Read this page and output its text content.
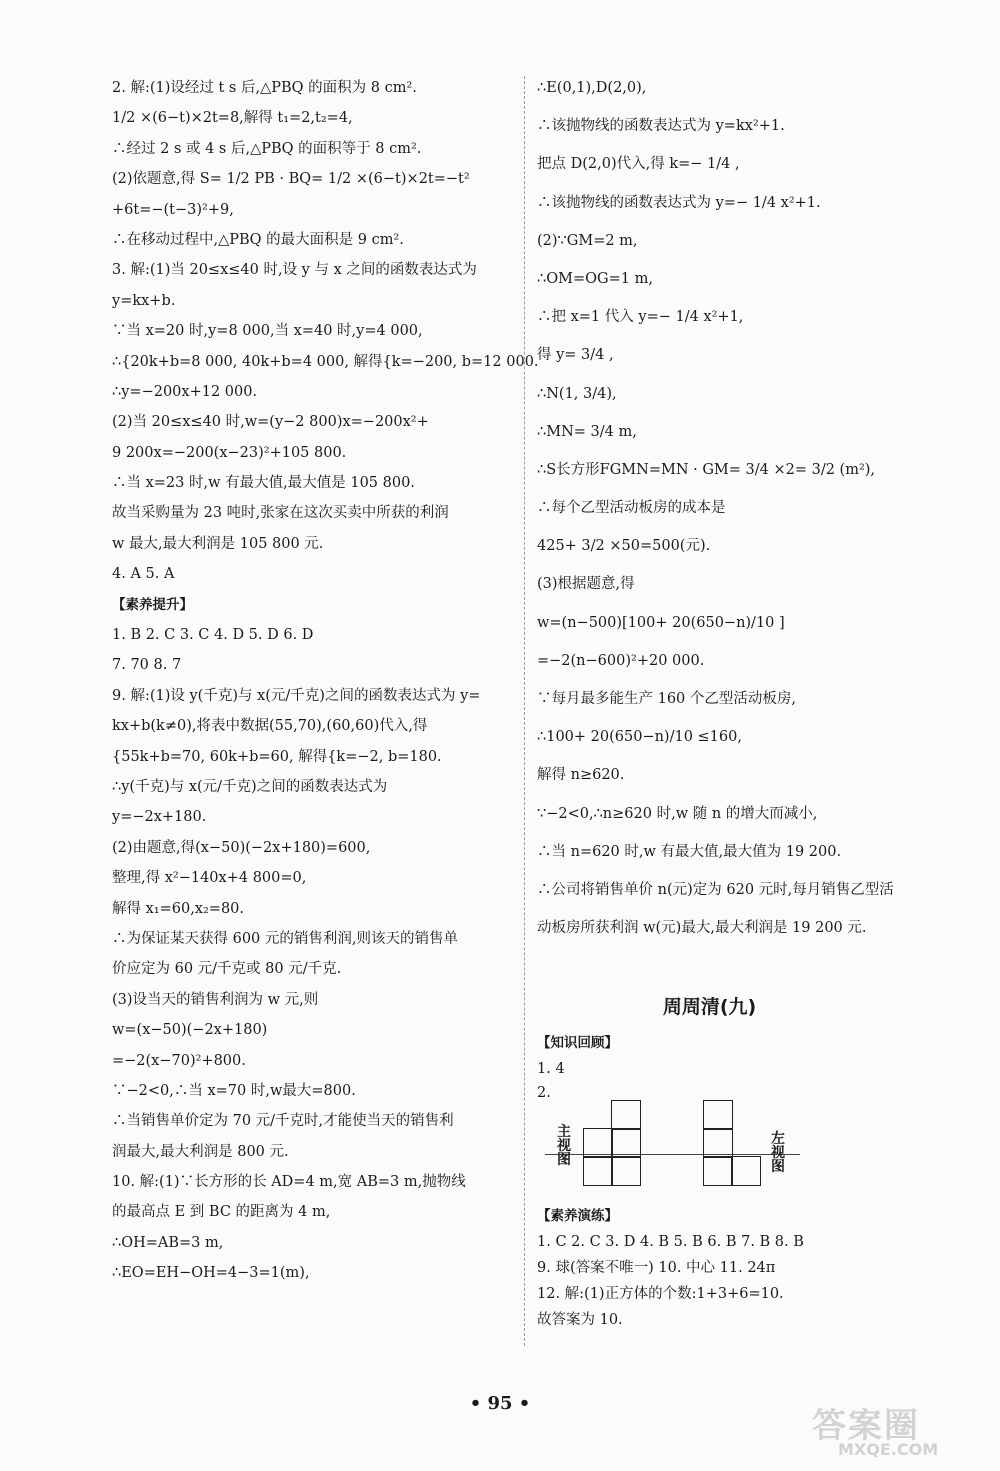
2. 解:(1)设经过 t s 后,△PBQ 的面积为 8 cm².
1/2 ×(6−t)×2t=8,解得 t₁=2,t₂=4,
∴经过 2 s 或 4 s 后,△PBQ 的面积等于 8 cm².
(2)依题意,得 S= 1/2 PB · BQ= 1/2 ×(6−t)×2t=−t²
+6t=−(t−3)²+9,
∴在移动过程中,△PBQ 的最大面积是 9 cm².
3. 解:(1)当 20≤x≤40 时,设 y 与 x 之间的函数表达式为
y=kx+b.
∵当 x=20 时,y=8 000,当 x=40 时,y=4 000,
∴{20k+b=8 000, 40k+b=4 000, 解得{k=−200, b=12 000.
∴y=−200x+12 000.
(2)当 20≤x≤40 时,w=(y−2 800)x=−200x²+
9 200x=−200(x−23)²+105 800.
∴当 x=23 时,w 有最大值,最大值是 105 800.
故当采购量为 23 吨时,张家在这次买卖中所获的利润
w 最大,最大利润是 105 800 元.
4. A 5. A
【素养提升】
1. B 2. C 3. C 4. D 5. D 6. D
7. 70 8. 7
9. 解:(1)设 y(千克)与 x(元/千克)之间的函数表达式为 y=
kx+b(k≠0),将表中数据(55,70),(60,60)代入,得
{55k+b=70, 60k+b=60, 解得{k=−2, b=180.
∴y(千克)与 x(元/千克)之间的函数表达式为
y=−2x+180.
(2)由题意,得(x−50)(−2x+180)=600,
整理,得 x²−140x+4 800=0,
解得 x₁=60,x₂=80.
∴为保证某天获得 600 元的销售利润,则该天的销售单
价应定为 60 元/千克或 80 元/千克.
(3)设当天的销售利润为 w 元,则
w=(x−50)(−2x+180)
=−2(x−70)²+800.
∵−2<0,∴当 x=70 时,w最大=800.
∴当销售单价定为 70 元/千克时,才能使当天的销售利
润最大,最大利润是 800 元.
10. 解:(1)∵长方形的长 AD=4 m,宽 AB=3 m,抛物线
的最高点 E 到 BC 的距离为 4 m,
∴OH=AB=3 m,
∴EO=EH−OH=4−3=1(m),
∴E(0,1),D(2,0),
∴该抛物线的函数表达式为 y=kx²+1.
把点 D(2,0)代入,得 k=− 1/4 ,
∴该抛物线的函数表达式为 y=− 1/4 x²+1.
(2)∵GM=2 m,
∴OM=OG=1 m,
∴把 x=1 代入 y=− 1/4 x²+1,
得 y= 3/4 ,
∴N(1, 3/4),
∴MN= 3/4 m,
∴S长方形FGMN=MN · GM= 3/4 ×2= 3/2 (m²),
∴每个乙型活动板房的成本是
425+ 3/2 ×50=500(元).
(3)根据题意,得
w=(n−500)[100+ 20(650−n)/10 ]
=−2(n−600)²+20 000.
∵每月最多能生产 160 个乙型活动板房,
∴100+ 20(650−n)/10 ≤160,
解得 n≥620.
∵−2<0,∴n≥620 时,w 随 n 的增大而减小,
∴当 n=620 时,w 有最大值,最大值为 19 200.
∴公司将销售单价 n(元)定为 620 元时,每月销售乙型活
动板房所获利润 w(元)最大,最大利润是 19 200 元.
周周清(九)
【知识回顾】
1. 4
2.
主视图
左视图
【素养演练】
1. C 2. C 3. D 4. B 5. B 6. B 7. B 8. B
9. 球(答案不唯一) 10. 中心 11. 24π
12. 解:(1)正方体的个数:1+3+6=10.
故答案为 10.
• 95 •
答案圈
MXQE.COM
